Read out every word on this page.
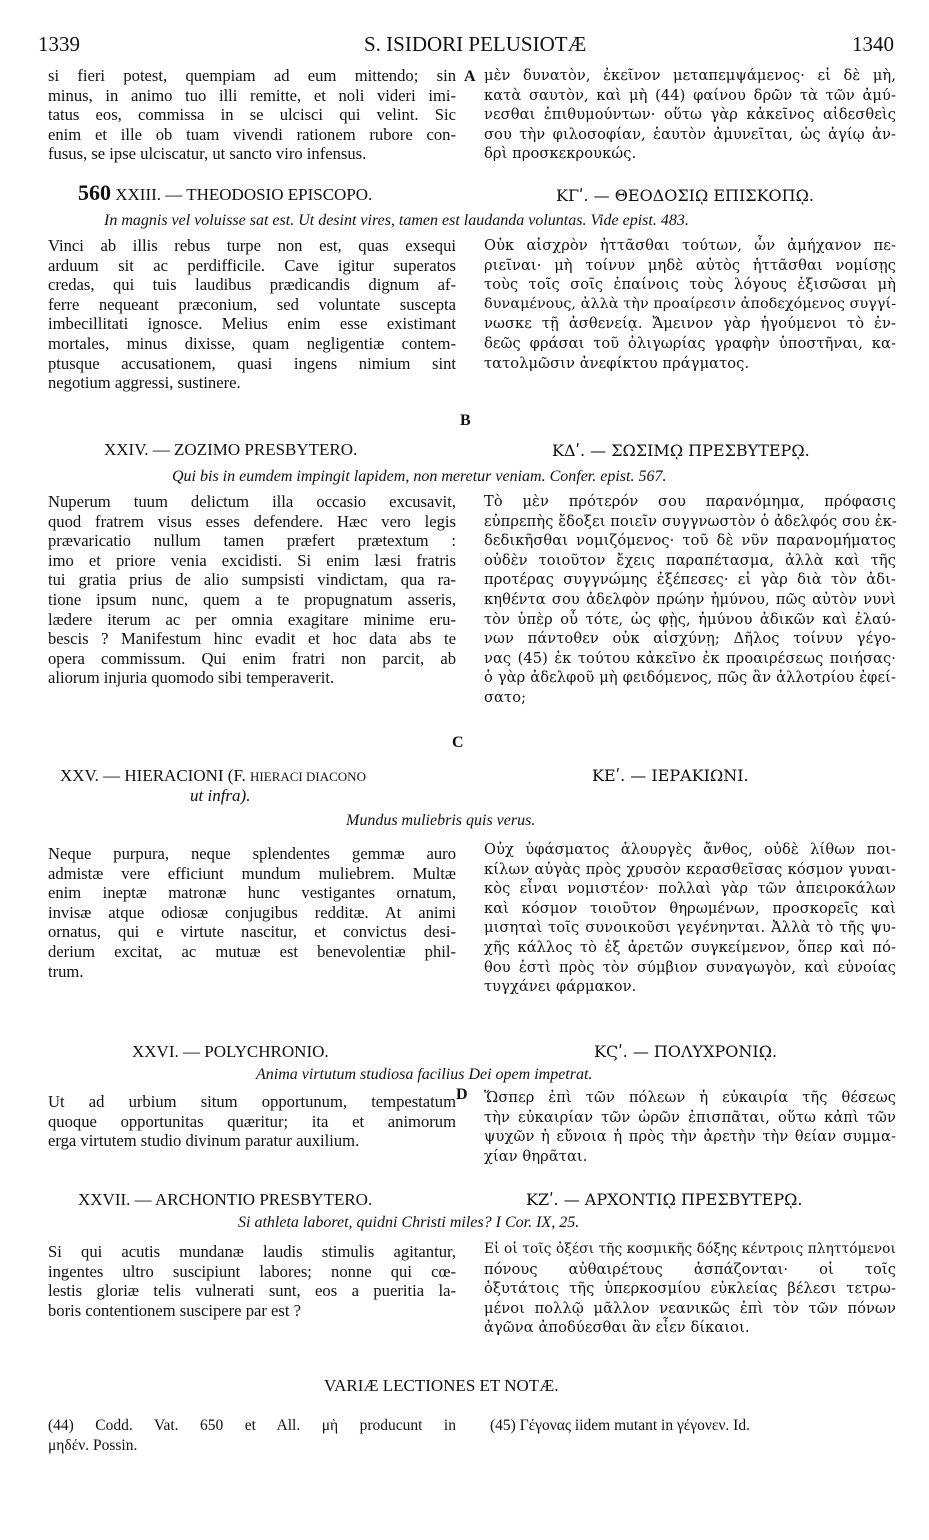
1339	S. ISIDORI PELUSIOTÆ	1340
si fieri potest, quempiam ad eum mittendo; sin
minus, in animo tuo illi remitte, et noli videri imi-
tatus eos, commissa in se ulcisci qui velint. Sic
enim et ille ob tuam vivendi rationem rubore con-
fusus, se ipse ulciscatur, ut sancto viro infensus.
A μὲν δυνατὸν, ἐκεῖνον μεταπεμψάμενος· εἰ δὲ μὴ,
κατὰ σαυτὸν, καὶ μὴ (44) φαίνου δρῶν τὰ τῶν ἀμύ-
νεσθαι ἐπιθυμούντων· οὕτω γὰρ κἀκεῖνος αἰδεσθεὶς
σου τὴν φιλοσοφίαν, ἑαυτὸν ἀμυνεῖται, ὡς ἁγίῳ ἀν-
δρὶ προσκεκρουκώς.
560 XXIII. — THEODOSIO EPISCOPO.	ΚΓʹ. — ΘΕΟΔΟΣΙῼ ΕΠΙΣΚΟΠῼ.
In magnis vel voluisse sat est. Ut desint vires, tamen est laudanda voluntas. Vide epist. 483.
Vinci ab illis rebus turpe non est, quas exsequi
arduum sit ac perdifficile. Cave igitur superatos
credas, qui tuis laudibus prædicandis dignum af-
ferre nequeant præconium, sed voluntate suscepta
imbecillitati ignosce. Melius enim esse existimant
mortales, minus dixisse, quam negligentiæ contem-
ptusque accusationem, quasi ingens nimium sint
negotium aggressi, sustinere.
B
Οὐκ αἰσχρὸν ἡττᾶσθαι τούτων, ὧν ἀμήχανον πε-
ριεῖναι· μὴ τοίνυν μηδὲ αὐτὸς ἡττᾶσθαι νομίσῃς
τοὺς τοῖς σοῖς ἐπαίνοις τοὺς λόγους ἐξισῶσαι μὴ
δυναμένους, ἀλλὰ τὴν προαίρεσιν ἀποδεχόμενος συγγί-
νωσκε τῇ ἀσθενείᾳ. Ἄμεινον γὰρ ἡγούμενοι τὸ ἐν-
δεῶς φράσαι τοῦ ὀλιγωρίας γραφὴν ὑποστῆναι, κα-
τατολμῶσιν ἀνεφίκτου πράγματος.
XXIV. — ZOZIMO PRESBYTERO.	ΚΔʹ. — ΣΩΣΙΜῼ ΠΡΕΣΒΥΤΕΡῼ.
Qui bis in eumdem impingit lapidem, non meretur veniam. Confer. epist. 567.
Nuperum tuum delictum illa occasio excusavit,
quod fratrem visus esses defendere. Hæc vero legis
prævaricatio nullum tamen præfert prætextum :
imo et priore venia excidisti. Si enim læsi fratris
tui gratia prius de alio sumpsisti vindictam, qua ra-
tione ipsum nunc, quem a te propugnatum asseris,
lædere iterum ac per omnia exagitare minime eru-
bescis ? Manifestum hinc evadit et hoc data abs te
opera commissum. Qui enim fratri non parcit, ab
aliorum injuria quomodo sibi temperaverit.
Τὸ μὲν πρότερόν σου παρανόμημα, πρόφασις
εὐπρεπὴς ἔδοξει ποιεῖν συγγνωστὸν ὁ ἀδελφός σου ἐκ-
δεδικῆσθαι νομιζόμενος· τοῦ δὲ νῦν παρανομήματος
οὐδὲν τοιοῦτον ἔχεις παραπέτασμα, ἀλλὰ καὶ τῆς
προτέρας συγγνώμης ἐξέπεσες· εἰ γὰρ διὰ τὸν ἀδι-
κηθέντα σου ἀδελφὸν πρώην ἠμύνου, πῶς αὐτὸν νυνὶ
τὸν ὑπὲρ οὗ τότε, ὡς φῂς, ἠμύνου ἀδικῶν καὶ ἐλαύ-
νων πάντοθεν οὐκ αἰσχύνῃ; Δῆλος τοίνυν γέγο-
νας (45) ἐκ τούτου κἀκεῖνο ἐκ προαιρέσεως ποιήσας·
ὁ γὰρ ἀδελφοῦ μὴ φειδόμενος, πῶς ἂν ἀλλοτρίου ἐφεί-
σατο;
C
XXV. — HIERACIONI (F. HIERACI DIACONO
ut infra).
ΚΕʹ. — ΙΕΡΑΚΙΩΝΙ.
Mundus muliebris quis verus.
Neque purpura, neque splendentes gemmæ auro
admistæ vere efficiunt mundum muliebrem. Multæ
enim ineptæ matronæ hunc vestigantes ornatum,
invisæ atque odiosæ conjugibus redditæ. At animi
ornatus, qui e virtute nascitur, et convictus desi-
derium excitat, ac mutuæ est benevolentiæ phil-
trum.
Οὐχ ὑφάσματος ἁλουργὲς ἄνθος, οὐδὲ λίθων ποι-
κίλων αὐγὰς πρὸς χρυσὸν κερασθεῖσας κόσμον γυναι-
κὸς εἶναι νομιστέον· πολλαὶ γὰρ τῶν ἀπειροκάλων
καὶ κόσμον τοιοῦτον θηρωμένων, προσκορεῖς καὶ
μισηταὶ τοῖς συνοικοῦσι γεγένηνται. Ἀλλὰ τὸ τῆς ψυ-
χῆς κάλλος τὸ ἐξ ἀρετῶν συγκείμενον, ὅπερ καὶ πό-
θου ἐστὶ πρὸς τὸν σύμβιον συναγωγὸν, καὶ εὐνοίας
τυγχάνει φάρμακον.
XXVI. — POLYCHRONIO.	ΚϚʹ. — ΠΟΛΥΧΡΟΝΙῼ.
Anima virtutum studiosa facilius Dei opem impetrat.
Ut ad urbium situm opportunum, tempestatum
quoque opportunitas quæritur; ita et animorum
erga virtutem studio divinum paratur auxilium.
D Ὥσπερ ἐπὶ τῶν πόλεων ἡ εὐκαιρία τῆς θέσεως
τὴν εὐκαιρίαν τῶν ὡρῶν ἐπισπᾶται, οὕτω κἀπὶ τῶν
ψυχῶν ἡ εὔνοια ἡ πρὸς τὴν ἀρετὴν τὴν θείαν συμμα-
χίαν θηρᾶται.
XXVII. — ARCHONTIO PRESBYTERO.	ΚΖʹ. — ΑΡΧΟΝΤΙῼ ΠΡΕΣΒΥΤΕΡῼ.
Si athleta laboret, quidni Christi miles? I Cor. IX, 25.
Si qui acutis mundanæ laudis stimulis agitantur,
ingentes ultro suscipiunt labores; nonne qui cœ-
lestis gloriæ telis vulnerati sunt, eos a pueritia la-
boris contentionem suscipere par est ?
Εἰ οἱ τοῖς ὀξέσι τῆς κοσμικῆς δόξης κέντροις πληττόμενοι
πόνους αὐθαιρέτους ἀσπάζονται· οἱ τοῖς
ὀξυτάτοις τῆς ὑπερκοσμίου εὐκλείας βέλεσι τετρω-
μένοι πολλῷ μᾶλλον νεανικῶς ἐπὶ τὸν τῶν πόνων
ἀγῶνα ἀποδύεσθαι ἂν εἶεν δίκαιοι.
VARIÆ LECTIONES ET NOTÆ.
(44) Codd. Vat. 650 et All. μὴ producunt in
μηδέν. Possin.
(45) Γέγονας iidem mutant in γέγονεν. Id.
